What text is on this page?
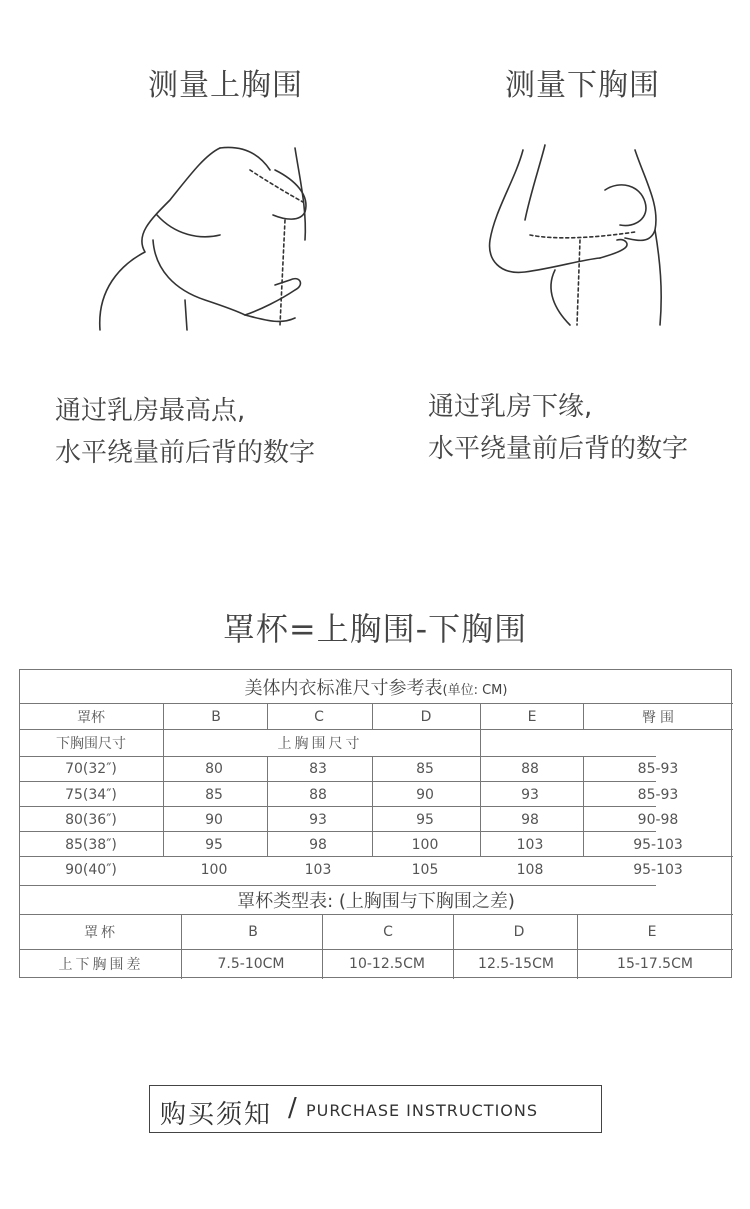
测量上胸围	测量下胸围
通过乳房最高点,
水平绕量前后背的数字
通过乳房下缘,
水平绕量前后背的数字
罩杯=上胸围-下胸围
美体内衣标准尺寸参考表(单位: CM)
罩杯	B	C	D	E	臀围
下胸围尺寸	上胸围尺寸
70(32″)	80	83	85	88	85-93
75(34″)	85	88	90	93	85-93
80(36″)	90	93	95	98	90-98
85(38″)	95	98	100	103	95-103
90(40″)	100	103	105	108	95-103
罩杯类型表: (上胸围与下胸围之差)
罩杯	B	C	D	E
上下胸围差	7.5-10CM	10-12.5CM	12.5-15CM	15-17.5CM
购买须知 / PURCHASE INSTRUCTIONS
